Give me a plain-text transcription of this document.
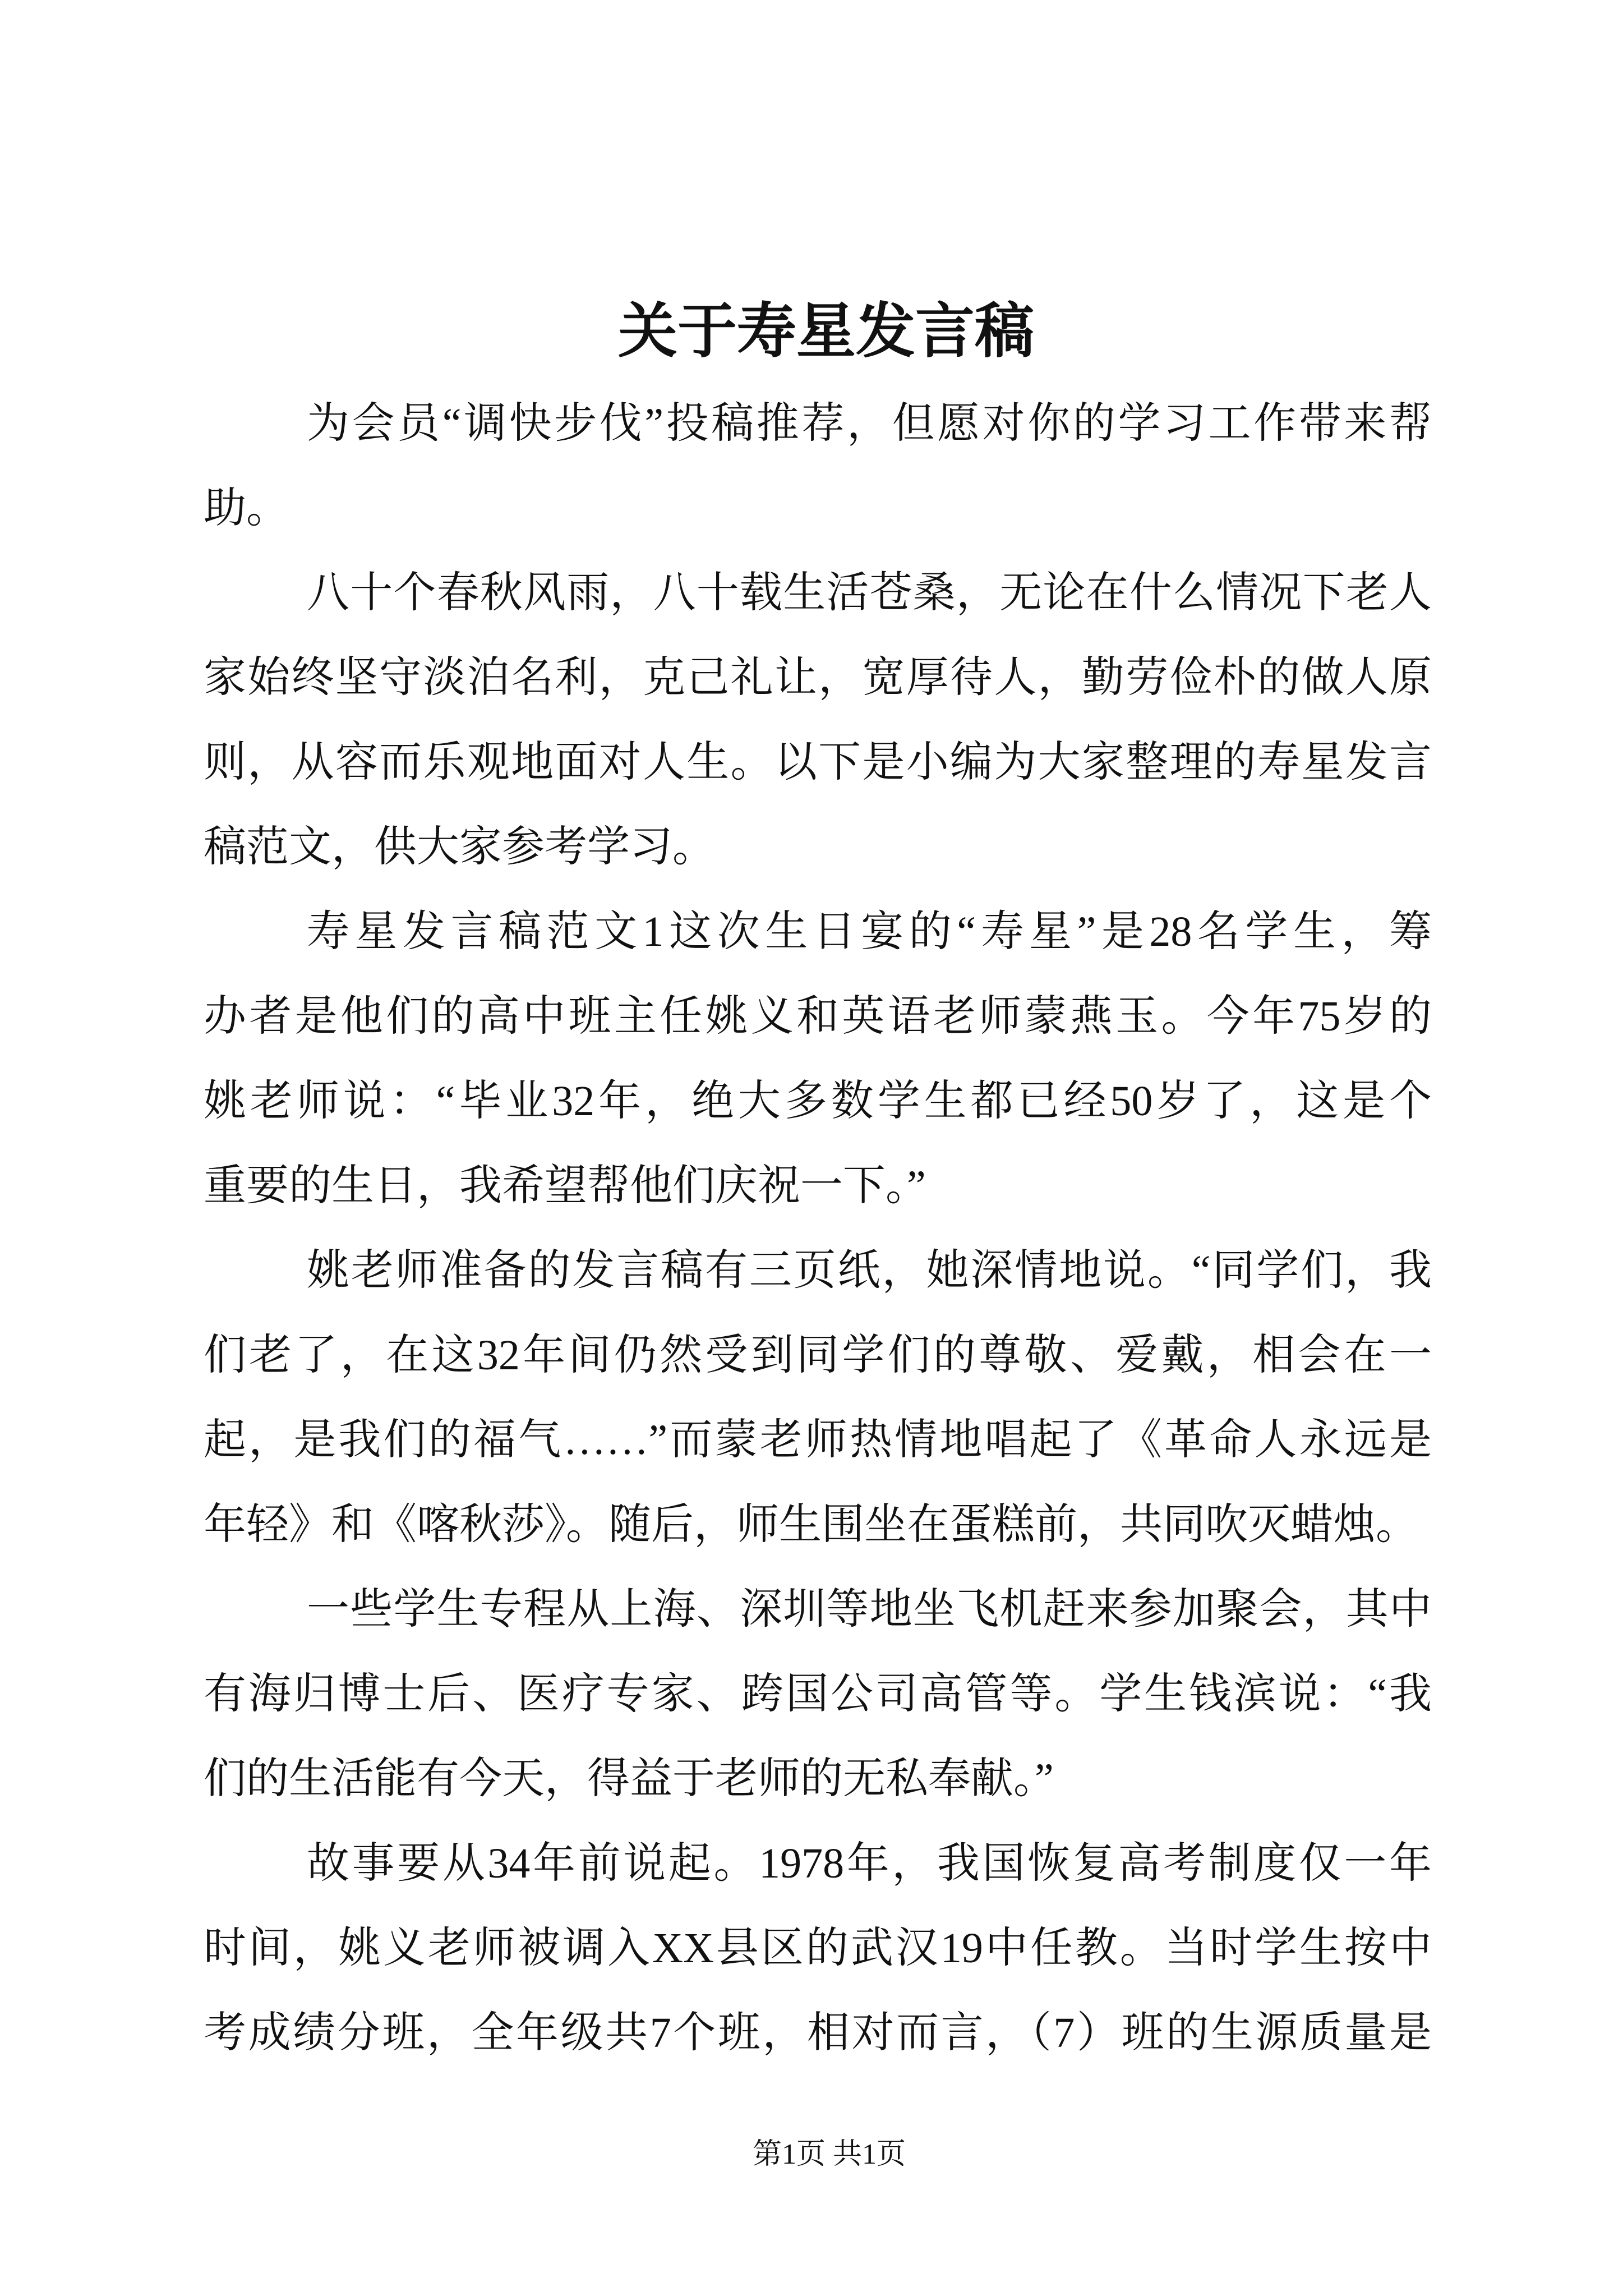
关于寿星发言稿
为会员“调快步伐”投稿推荐，但愿对你的学习工作带来帮
助。
八十个春秋风雨，八十载生活苍桑，无论在什么情况下老人
家始终坚守淡泊名利，克己礼让，宽厚待人，勤劳俭朴的做人原
则，从容而乐观地面对人生。以下是小编为大家整理的寿星发言
稿范文，供大家参考学习。
寿星发言稿范文1这次生日宴的“寿星”是28名学生，筹
办者是他们的高中班主任姚义和英语老师蒙燕玉。今年75岁的
姚老师说：“毕业32年，绝大多数学生都已经50岁了，这是个
重要的生日，我希望帮他们庆祝一下。”
姚老师准备的发言稿有三页纸，她深情地说。“同学们，我
们老了，在这32年间仍然受到同学们的尊敬、爱戴，相会在一
起，是我们的福气……”而蒙老师热情地唱起了《革命人永远是
年轻》和《喀秋莎》。随后，师生围坐在蛋糕前，共同吹灭蜡烛。
一些学生专程从上海、深圳等地坐飞机赶来参加聚会，其中
有海归博士后、医疗专家、跨国公司高管等。学生钱滨说：“我
们的生活能有今天，得益于老师的无私奉献。”
故事要从34年前说起。1978年，我国恢复高考制度仅一年
时间，姚义老师被调入XX县区的武汉19中任教。当时学生按中
考成绩分班，全年级共7个班，相对而言，（7）班的生源质量是
第1页 共1页
